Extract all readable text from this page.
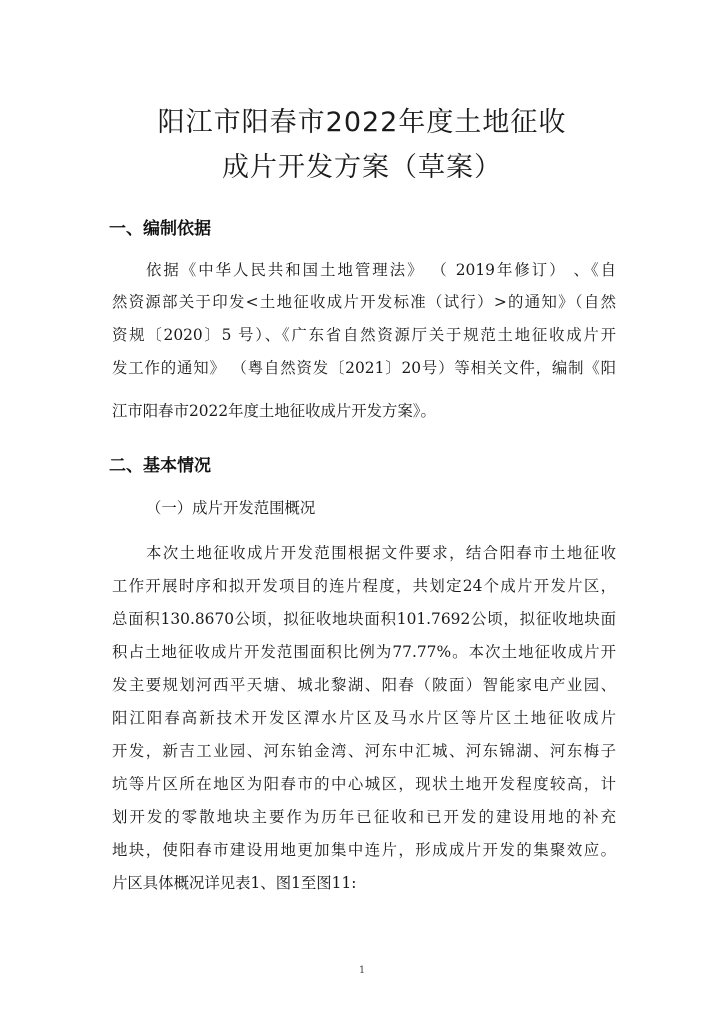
阳江市阳春市2022年度土地征收
成片开发方案（草案）
一、编制依据
依据《中华人民共和国土地管理法》 （ 2019年修订） 、《自
然资源部关于印发<土地征收成片开发标准（试行）>的通知》（自然
资规〔2020〕5 号）、《广东省自然资源厅关于规范土地征收成片开
发工作的通知》 （粤自然资发〔2021〕20号）等相关文件，编制《阳
江市阳春市2022年度土地征收成片开发方案》。
二、基本情况
（一）成片开发范围概况
本次土地征收成片开发范围根据文件要求，结合阳春市土地征收
工作开展时序和拟开发项目的连片程度，共划定24个成片开发片区，
总面积130.8670公顷，拟征收地块面积101.7692公顷，拟征收地块面
积占土地征收成片开发范围面积比例为77.77%。本次土地征收成片开
发主要规划河西平天塘、城北黎湖、阳春（陂面）智能家电产业园、
阳江阳春高新技术开发区潭水片区及马水片区等片区土地征收成片
开发，新吉工业园、河东铂金湾、河东中汇城、河东锦湖、河东梅子
坑等片区所在地区为阳春市的中心城区，现状土地开发程度较高，计
划开发的零散地块主要作为历年已征收和已开发的建设用地的补充
地块，使阳春市建设用地更加集中连片，形成成片开发的集聚效应。
片区具体概况详见表1、图1至图11:
1
